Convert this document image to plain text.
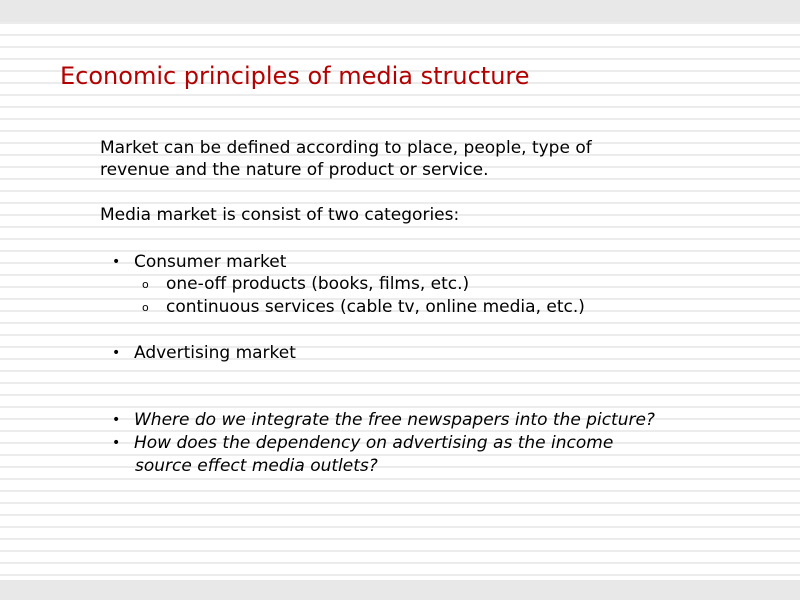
Economic principles of media structure
Market can be defined according to place, people, type of
revenue and the nature of product or service.
Media market is consist of two categories:
• Consumer market
o one-off products (books, films, etc.)
o continuous services (cable tv, online media, etc.)
• Advertising market
• Where do we integrate the free newspapers into the picture?
• How does the dependency on advertising as the income
source effect media outlets?
